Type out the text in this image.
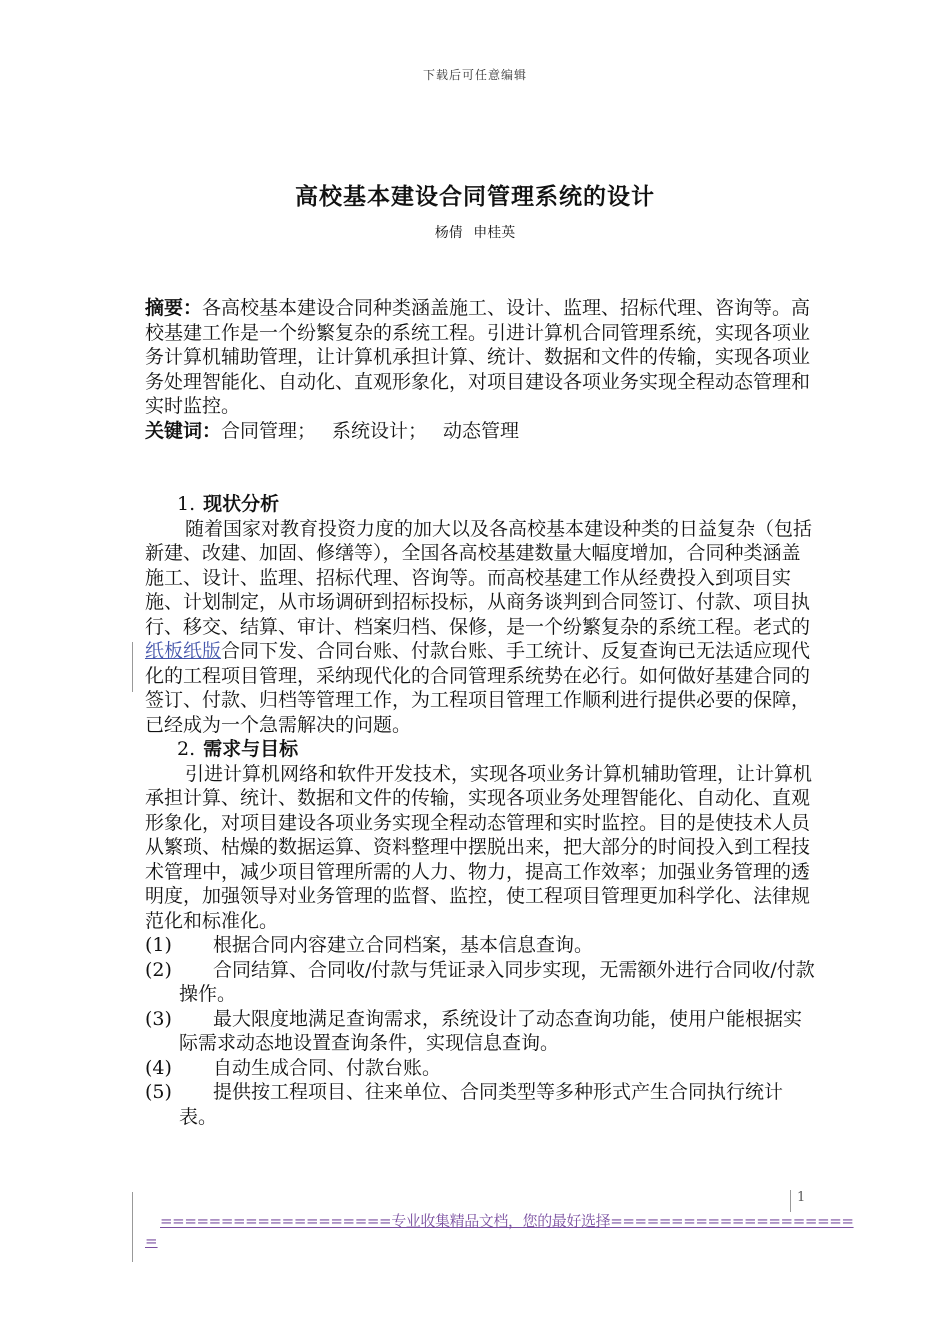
下载后可任意编辑
高校基本建设合同管理系统的设计
杨倩 申桂英
摘要：各高校基本建设合同种类涵盖施工、设计、监理、招标代理、咨询等。高校基建工作是一个纷繁复杂的系统工程。引进计算机合同管理系统，实现各项业务计算机辅助管理，让计算机承担计算、统计、数据和文件的传输，实现各项业务处理智能化、自动化、直观形象化，对项目建设各项业务实现全程动态管理和实时监控。
关键词：合同管理； 系统设计； 动态管理
1. 现状分析

随着国家对教育投资力度的加大以及各高校基本建设种类的日益复杂（包括新建、改建、加固、修缮等），全国各高校基建数量大幅度增加，合同种类涵盖施工、设计、监理、招标代理、咨询等。而高校基建工作从经费投入到项目实施、计划制定，从市场调研到招标投标，从商务谈判到合同签订、付款、项目执行、移交、结算、审计、档案归档、保修，是一个纷繁复杂的系统工程。老式的纸板纸版合同下发、合同台账、付款台账、手工统计、反复查询已无法适应现代化的工程项目管理，采纳现代化的合同管理系统势在必行。如何做好基建合同的签订、付款、归档等管理工作，为工程项目管理工作顺利进行提供必要的保障，已经成为一个急需解决的问题。

2. 需求与目标

引进计算机网络和软件开发技术，实现各项业务计算机辅助管理，让计算机承担计算、统计、数据和文件的传输，实现各项业务处理智能化、自动化、直观形象化，对项目建设各项业务实现全程动态管理和实时监控。目的是使技术人员从繁琐、枯燥的数据运算、资料整理中摆脱出来，把大部分的时间投入到工程技术管理中，减少项目管理所需的人力、物力，提高工作效率；加强业务管理的透明度，加强领导对业务管理的监督、监控，使工程项目管理更加科学化、法律规范化和标准化。

(1)	根据合同内容建立合同档案，基本信息查询。
(2)	合同结算、合同收/付款与凭证录入同步实现，无需额外进行合同收/付款操作。
(3)	最大限度地满足查询需求，系统设计了动态查询功能，使用户能根据实际需求动态地设置查询条件，实现信息查询。
(4)	自动生成合同、付款台账。
(5)	提供按工程项目、往来单位、合同类型等多种形式产生合同执行统计表。
1
===================专业收集精品文档，您的最好选择====================
=
